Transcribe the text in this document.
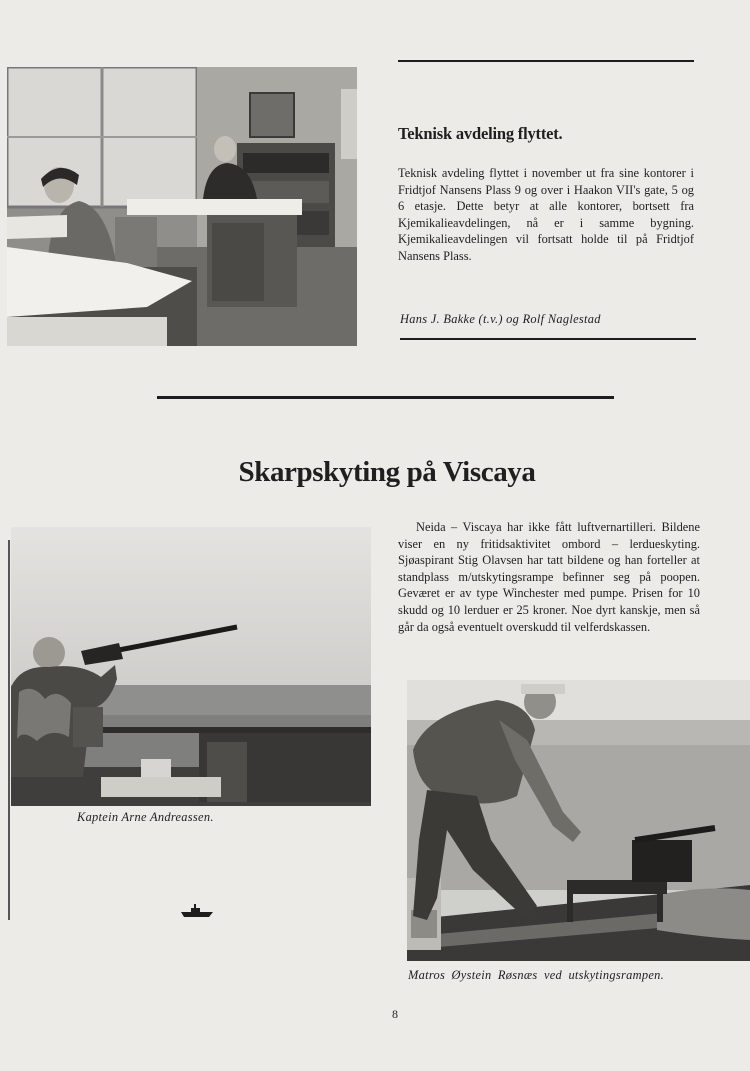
Teknisk avdeling flyttet.
Teknisk avdeling flyttet i november ut fra sine kontorer i Fridtjof Nansens Plass 9 og over i Haakon VII's gate, 5 og 6 etasje. Dette betyr at alle kontorer, bortsett fra Kjemikalieavdelingen, nå er i samme bygning. Kjemikalieavdelingen vil fortsatt holde til på Fridtjof Nansens Plass.
Hans J. Bakke (t.v.) og Rolf Naglestad
Skarpskyting på Viscaya
Neida – Viscaya har ikke fått luftvernartilleri. Bildene viser en ny fritidsaktivitet ombord – lerdueskyting. Sjøaspirant Stig Olavsen har tatt bildene og han forteller at standplass m/utskytingsrampe befinner seg på poopen. Geværet er av type Winchester med pumpe. Prisen for 10 skudd og 10 lerduer er 25 kroner. Noe dyrt kanskje, men så går da også eventuelt overskudd til velferdskassen.
Kaptein Arne Andreassen.
Matros Øystein Røsnæs ved utskytingsrampen.
8
